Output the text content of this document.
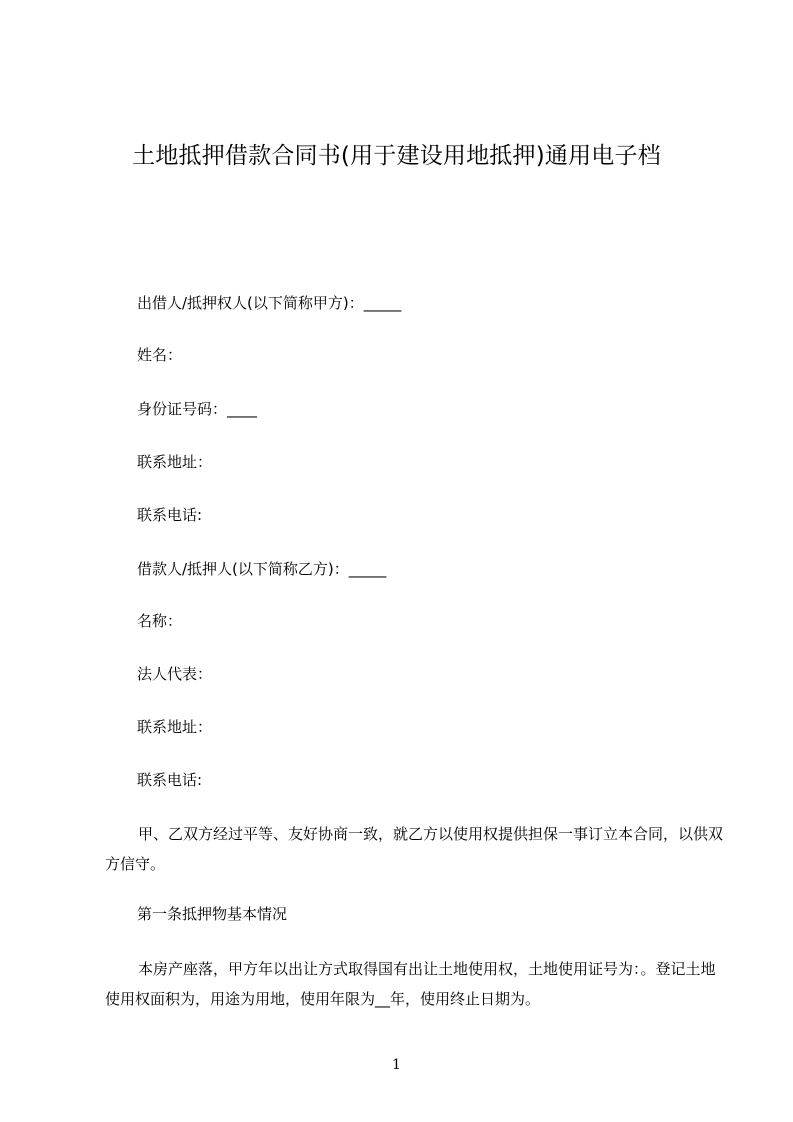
土地抵押借款合同书(用于建设用地抵押)通用电子档
出借人/抵押权人(以下简称甲方)：_____
姓名：
身份证号码：____
联系地址：
联系电话:
借款人/抵押人(以下简称乙方)：_____
名称：
法人代表：
联系地址：
联系电话:
甲、乙双方经过平等、友好协商一致，就乙方以使用权提供担保一事订立本合同，以供双方信守。
第一条抵押物基本情况
本房产座落，甲方年以出让方式取得国有出让土地使用权，土地使用证号为：。登记土地使用权面积为，用途为用地，使用年限为__年，使用终止日期为。
1
